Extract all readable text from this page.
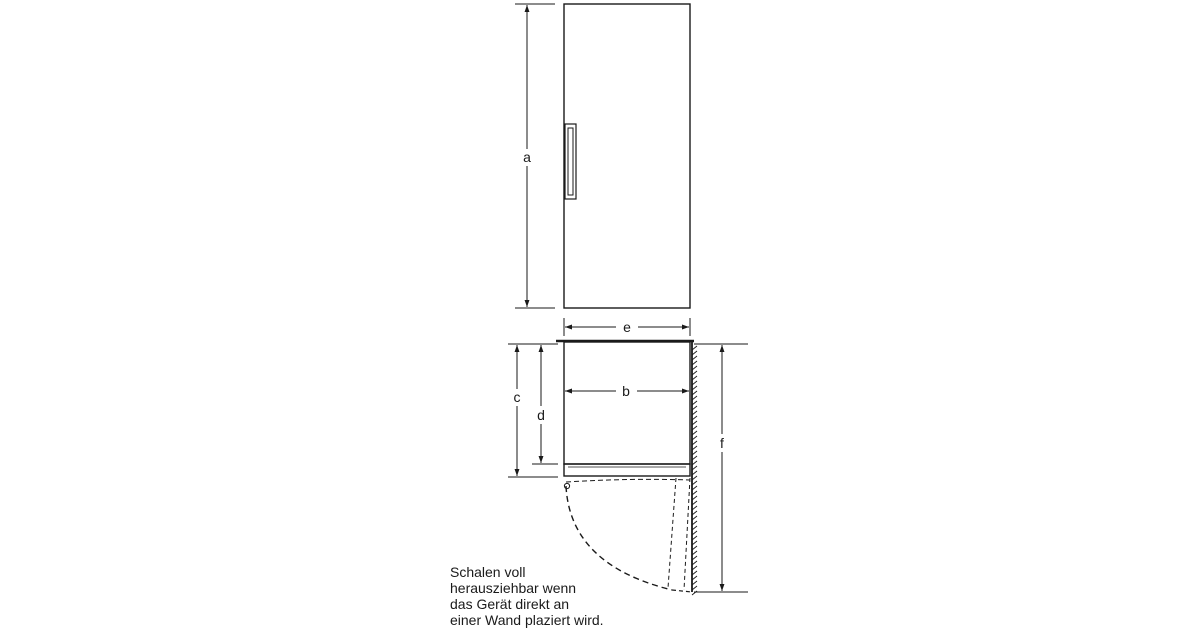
a
e
b
c
d
f
Schalen voll
herausziehbar wenn
das Gerät direkt an
einer Wand plaziert wird.
